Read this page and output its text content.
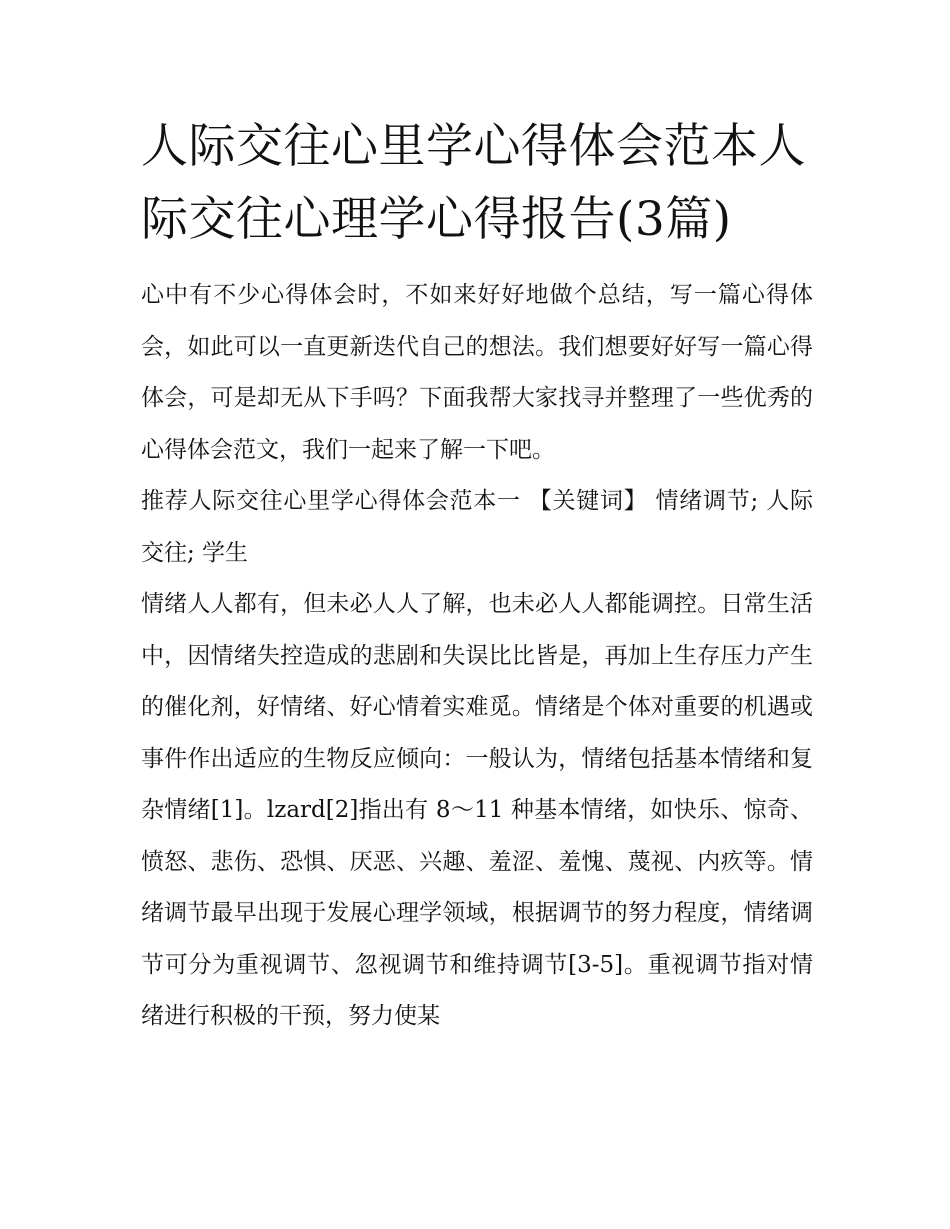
人际交往心里学心得体会范本人际交往心理学心得报告(3篇)

心中有不少心得体会时，不如来好好地做个总结，写一篇心得体会，如此可以一直更新迭代自己的想法。我们想要好好写一篇心得体会，可是却无从下手吗？下面我帮大家找寻并整理了一些优秀的心得体会范文，我们一起来了解一下吧。

推荐人际交往心里学心得体会范本一 【关键词】 情绪调节; 人际交往; 学生

情绪人人都有，但未必人人了解，也未必人人都能调控。日常生活中，因情绪失控造成的悲剧和失误比比皆是，再加上生存压力产生的催化剂，好情绪、好心情着实难觅。情绪是个体对重要的机遇或事件作出适应的生物反应倾向：一般认为，情绪包括基本情绪和复杂情绪[1]。lzard[2]指出有 8～11 种基本情绪，如快乐、惊奇、愤怒、悲伤、恐惧、厌恶、兴趣、羞涩、羞愧、蔑视、内疚等。情绪调节最早出现于发展心理学领域，根据调节的努力程度，情绪调节可分为重视调节、忽视调节和维持调节[3-5]。重视调节指对情绪进行积极的干预，努力使某
